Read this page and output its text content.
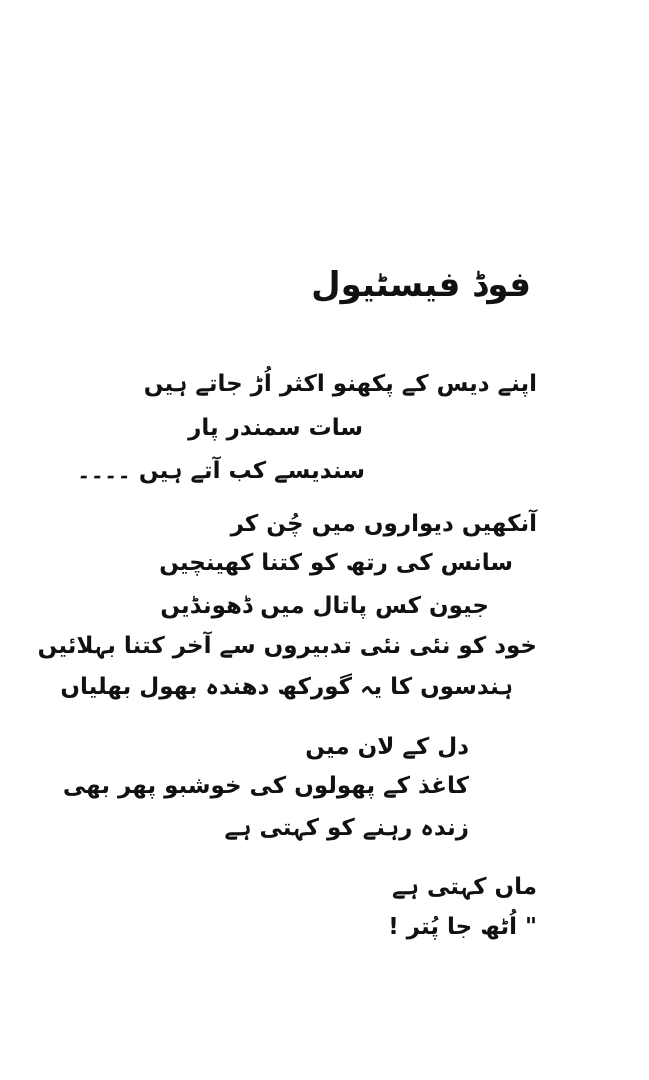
فوڈ فیسٹیول

اپنے دیس کے پکھنو اکثر اُڑ جاتے ہیں

سات سمندر پار

سندیسے کب آتے ہیں ۔۔۔۔

آنکھیں دیواروں میں چُن کر

سانس کی رتھ کو کتنا کھینچیں

جیون کس پاتال میں ڈھونڈیں

خود کو نئی نئی تدبیروں سے آخر کتنا بہلائیں

ہندسوں کا یہ گورکھ دھندہ بھول بھلیاں

دل کے لان میں

کاغذ کے پھولوں کی خوشبو پھر بھی

زندہ رہنے کو کہتی ہے

ماں کہتی ہے

" اُٹھ جا پُتر !
